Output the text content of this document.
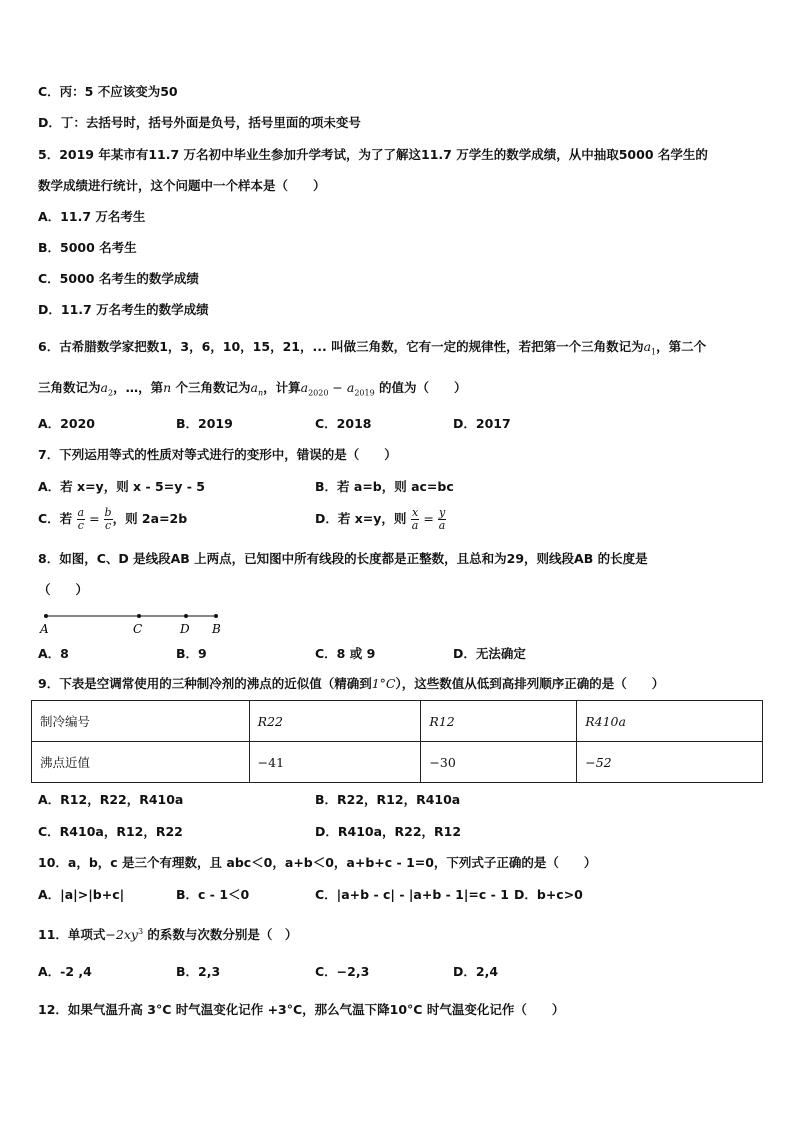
C．丙：5 不应该变为50
D．丁：去括号时，括号外面是负号，括号里面的项未变号
5．2019 年某市有11.7 万名初中毕业生参加升学考试，为了了解这11.7 万学生的数学成绩，从中抽取5000 名学生的
数学成绩进行统计，这个问题中一个样本是（　　）
A．11.7 万名考生
B．5000 名考生
C．5000 名考生的数学成绩
D．11.7 万名考生的数学成绩
6．古希腊数学家把数1，3，6，10，15，21，... 叫做三角数，它有一定的规律性，若把第一个三角数记为$a_1$，第二个
三角数记为$a_2$，…，第n 个三角数记为$a_n$，计算$a_{2020} - a_{2019}$ 的值为（　　）
A．2020	B．2019	C．2018	D．2017
7．下列运用等式的性质对等式进行的变形中，错误的是（　　）
A．若 x=y，则 x - 5=y - 5	B．若 a=b，则 ac=bc
C．若 $\frac{a}{c} = \frac{b}{c}$ ，则 2a=2b	D．若 x=y，则 $\frac{x}{a} = \frac{y}{a}$
8．如图，C、D 是线段AB 上两点，已知图中所有线段的长度都是正整数，且总和为29，则线段AB 的长度是
（　　）
A	C	D B
A．8	B．9	C．8 或 9	D．无法确定
9．下表是空调常使用的三种制冷剂的沸点的近似值（精确到1°C），这些数值从低到高排列顺序正确的是（　　）
制冷编号	R22	R12	R410a
沸点近值	−41	−30	−52
A．R12，R22，R410a	B．R22，R12，R410a
C．R410a，R12，R22	D．R410a，R22，R12
10．a，b，c 是三个有理数，且 abc＜0，a+b＜0，a+b+c - 1=0，下列式子正确的是（　　）
A．|a|>|b+c|	B．c - 1＜0	C．|a+b - c| - |a+b - 1|=c - 1 D．b+c>0
11．单项式$-2xy^3$ 的系数与次数分别是（　）
A．-2 ,4	B．2,3	C．−2,3	D．2,4
12．如果气温升高 3°C 时气温变化记作 +3°C，那么气温下降10°C 时气温变化记作（　　）
